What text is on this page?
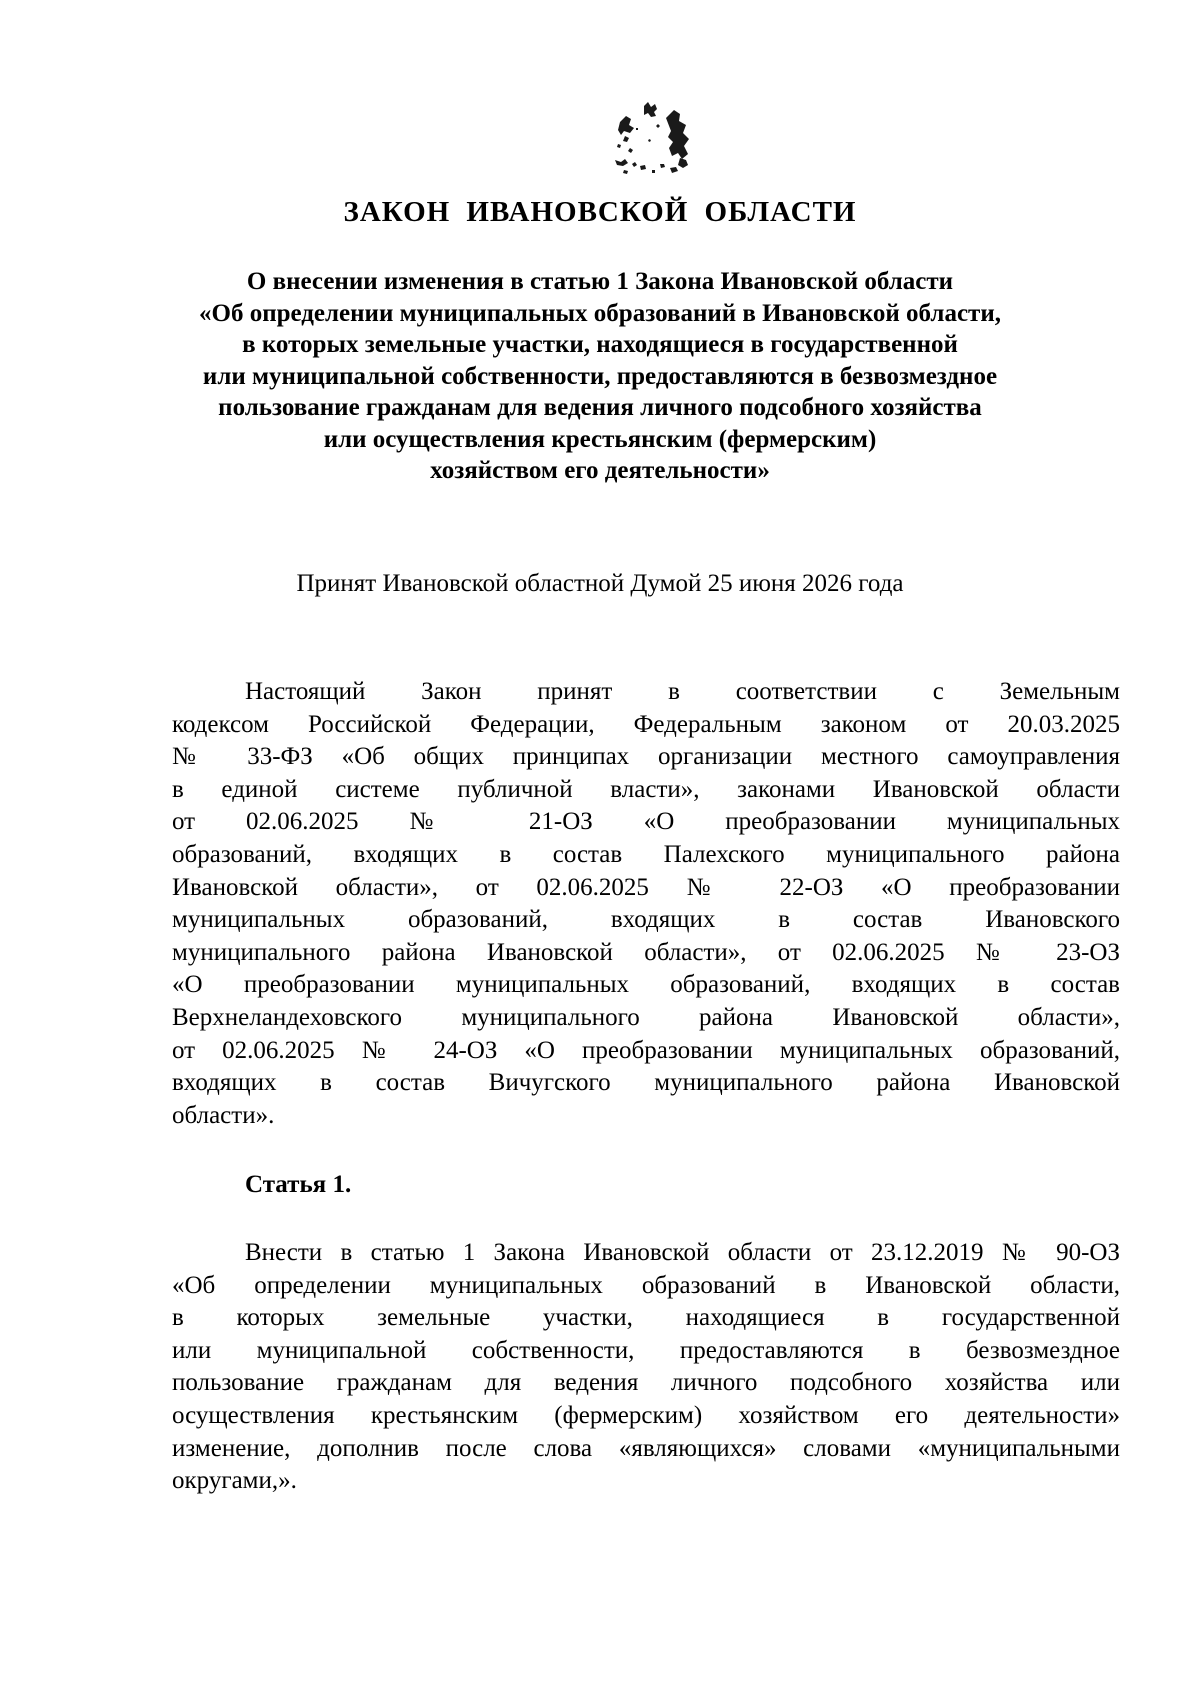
ЗАКОН ИВАНОВСКОЙ ОБЛАСТИ
О внесении изменения в статью 1 Закона Ивановской области
«Об определении муниципальных образований в Ивановской области,
в которых земельные участки, находящиеся в государственной
или муниципальной собственности, предоставляются в безвозмездное
пользование гражданам для ведения личного подсобного хозяйства
или осуществления крестьянским (фермерским)
хозяйством его деятельности»

Принят Ивановской областной Думой 25 июня 2026 года

Настоящий Закон принят в соответствии с Земельным
кодексом Российской Федерации, Федеральным законом от 20.03.2025
№ 33-ФЗ «Об общих принципах организации местного самоуправления
в единой системе публичной власти», законами Ивановской области
от 02.06.2025 № 21-ОЗ «О преобразовании муниципальных
образований, входящих в состав Палехского муниципального района
Ивановской области», от 02.06.2025 № 22-ОЗ «О преобразовании
муниципальных образований, входящих в состав Ивановского
муниципального района Ивановской области», от 02.06.2025 № 23-ОЗ
«О преобразовании муниципальных образований, входящих в состав
Верхнеландеховского муниципального района Ивановской области»,
от 02.06.2025 № 24-ОЗ «О преобразовании муниципальных образований,
входящих в состав Вичугского муниципального района Ивановской
области».
Статья 1.
Внести в статью 1 Закона Ивановской области от 23.12.2019 № 90-ОЗ
«Об определении муниципальных образований в Ивановской области,
в которых земельные участки, находящиеся в государственной
или муниципальной собственности, предоставляются в безвозмездное
пользование гражданам для ведения личного подсобного хозяйства или
осуществления крестьянским (фермерским) хозяйством его деятельности»
изменение, дополнив после слова «являющихся» словами «муниципальными
округами,».
